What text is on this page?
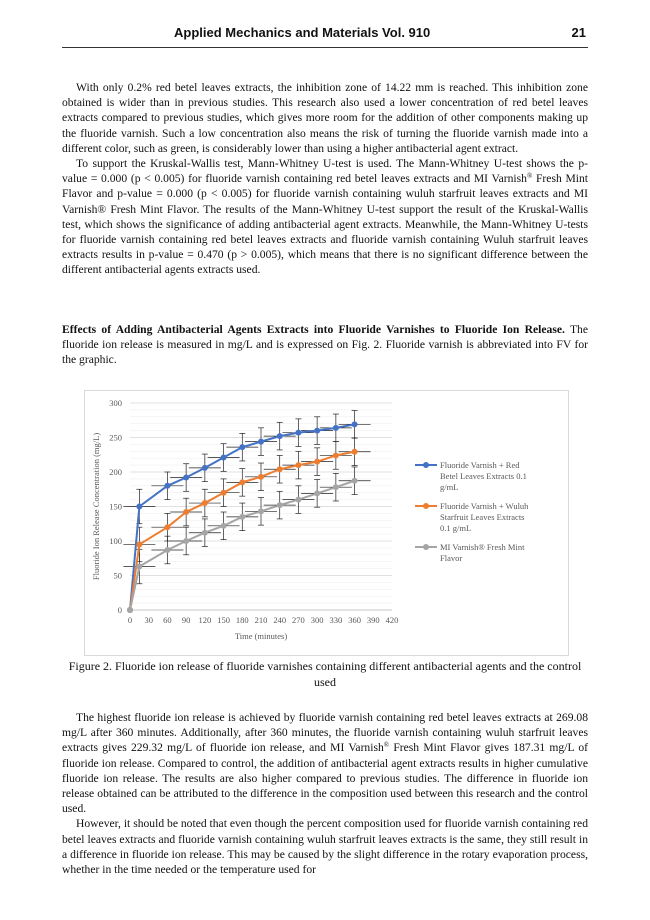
Applied Mechanics and Materials Vol. 910	21

With only 0.2% red betel leaves extracts, the inhibition zone of 14.22 mm is reached. This inhibition zone obtained is wider than in previous studies. This research also used a lower concentration of red betel leaves extracts compared to previous studies, which gives more room for the addition of other components making up the fluoride varnish. Such a low concentration also means the risk of turning the fluoride varnish made into a different color, such as green, is considerably lower than using a higher antibacterial agent extract.

To support the Kruskal-Wallis test, Mann-Whitney U-test is used. The Mann-Whitney U-test shows the p-value = 0.000 (p < 0.005) for fluoride varnish containing red betel leaves extracts and MI Varnish® Fresh Mint Flavor and p-value = 0.000 (p < 0.005) for fluoride varnish containing wuluh starfruit leaves extracts and MI Varnish® Fresh Mint Flavor. The results of the Mann-Whitney U-test support the result of the Kruskal-Wallis test, which shows the significance of adding antibacterial agent extracts. Meanwhile, the Mann-Whitney U-tests for fluoride varnish containing red betel leaves extracts and fluoride varnish containing Wuluh starfruit leaves extracts results in p-value = 0.470 (p > 0.005), which means that there is no significant difference between the different antibacterial agents extracts used.

Effects of Adding Antibacterial Agents Extracts into Fluoride Varnishes to Fluoride Ion Release. The fluoride ion release is measured in mg/L and is expressed on Fig. 2. Fluoride varnish is abbreviated into FV for the graphic.

0
50
100
150
200
250
300
0 30 60 90 120 150 180 210 240 270 300 330 360 390 420
Time (minutes)
Fluoride Ion Release Concentration (mg/L)	Fluoride Varnish + Red
Betel Leaves Extracts 0.1
g/mL
Fluoride Varnish + Wuluh
Starfruit Leaves Extracts
0.1 g/mL
MI Varnish® Fresh Mint
Flavor
Figure 2. Fluoride ion release of fluoride varnishes containing different antibacterial agents and the control used

The highest fluoride ion release is achieved by fluoride varnish containing red betel leaves extracts at 269.08 mg/L after 360 minutes. Additionally, after 360 minutes, the fluoride varnish containing wuluh starfruit leaves extracts gives 229.32 mg/L of fluoride ion release, and MI Varnish® Fresh Mint Flavor gives 187.31 mg/L of fluoride ion release. Compared to control, the addition of antibacterial agent extracts results in higher cumulative fluoride ion release. The results are also higher compared to previous studies. The difference in fluoride ion release obtained can be attributed to the difference in the composition used between this research and the control used.

However, it should be noted that even though the percent composition used for fluoride varnish containing red betel leaves extracts and fluoride varnish containing wuluh starfruit leaves extracts is the same, they still result in a difference in fluoride ion release. This may be caused by the slight difference in the rotary evaporation process, whether in the time needed or the temperature used for
